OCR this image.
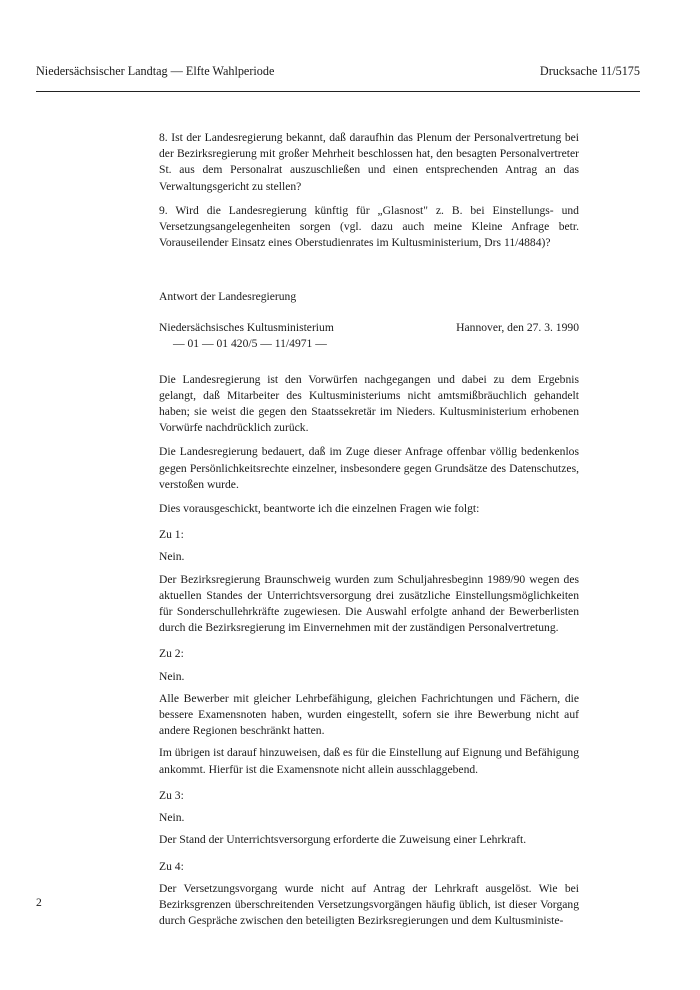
Niedersächsischer Landtag — Elfte Wahlperiode	Drucksache 11/5175

8. Ist der Landesregierung bekannt, daß daraufhin das Plenum der Personalvertretung bei der Bezirksregierung mit großer Mehrheit beschlossen hat, den besagten Personalvertreter St. aus dem Personalrat auszuschließen und einen entsprechenden Antrag an das Verwaltungsgericht zu stellen?

9. Wird die Landesregierung künftig für „Glasnost" z. B. bei Einstellungs- und Versetzungsangelegenheiten sorgen (vgl. dazu auch meine Kleine Anfrage betr. Vorauseilender Einsatz eines Oberstudienrates im Kultusministerium, Drs 11/4884)?

Antwort der Landesregierung

Niedersächsisches Kultusministerium
— 01 — 01 420/5 — 11/4971 —
Hannover, den 27. 3. 1990

Die Landesregierung ist den Vorwürfen nachgegangen und dabei zu dem Ergebnis gelangt, daß Mitarbeiter des Kultusministeriums nicht amtsmißbräuchlich gehandelt haben; sie weist die gegen den Staatssekretär im Nieders. Kultusministerium erhobenen Vorwürfe nachdrücklich zurück.

Die Landesregierung bedauert, daß im Zuge dieser Anfrage offenbar völlig bedenkenlos gegen Persönlichkeitsrechte einzelner, insbesondere gegen Grundsätze des Datenschutzes, verstoßen wurde.

Dies vorausgeschickt, beantworte ich die einzelnen Fragen wie folgt:

Zu 1:

Nein.

Der Bezirksregierung Braunschweig wurden zum Schuljahresbeginn 1989/90 wegen des aktuellen Standes der Unterrichtsversorgung drei zusätzliche Einstellungsmöglichkeiten für Sonderschullehrkräfte zugewiesen. Die Auswahl erfolgte anhand der Bewerberlisten durch die Bezirksregierung im Einvernehmen mit der zuständigen Personalvertretung.

Zu 2:

Nein.

Alle Bewerber mit gleicher Lehrbefähigung, gleichen Fachrichtungen und Fächern, die bessere Examensnoten haben, wurden eingestellt, sofern sie ihre Bewerbung nicht auf andere Regionen beschränkt hatten.

Im übrigen ist darauf hinzuweisen, daß es für die Einstellung auf Eignung und Befähigung ankommt. Hierfür ist die Examensnote nicht allein ausschlaggebend.

Zu 3:

Nein.

Der Stand der Unterrichtsversorgung erforderte die Zuweisung einer Lehrkraft.

Zu 4:

Der Versetzungsvorgang wurde nicht auf Antrag der Lehrkraft ausgelöst. Wie bei Bezirksgrenzen überschreitenden Versetzungsvorgängen häufig üblich, ist dieser Vorgang durch Gespräche zwischen den beteiligten Bezirksregierungen und dem Kultusministe-

2
